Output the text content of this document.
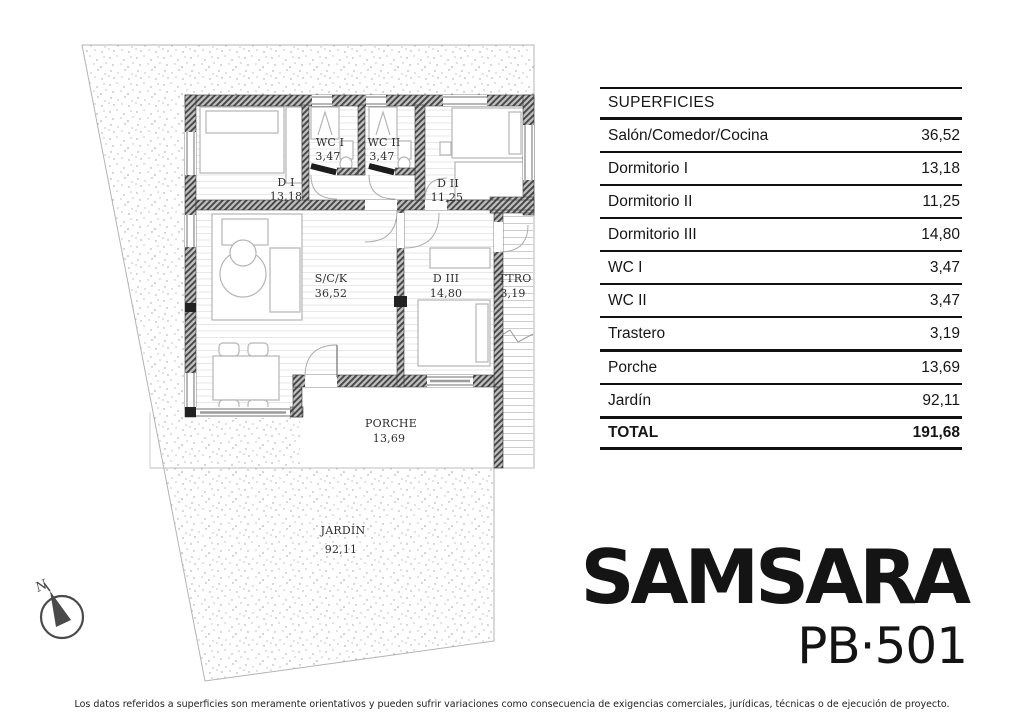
D I
13,18
WC I
3,47
WC II
3,47
D II
11,25
S/C/K
36,52
D III
14,80
TTRO
3,19
PORCHE
13,69
JARDÍN
92,11
N
SUPERFICIES
Salón/Comedor/Cocina	36,52
Dormitorio I	13,18
Dormitorio II	11,25
Dormitorio III	14,80
WC I	3,47
WC II	3,47
Trastero	3,19
Porche	13,69
Jardín	92,11
TOTAL	191,68
SAMSARA
PB·501
Los datos referidos a superficies son meramente orientativos y pueden sufrir variaciones como consecuencia de exigencias comerciales, jurídicas, técnicas o de ejecución de proyecto.
